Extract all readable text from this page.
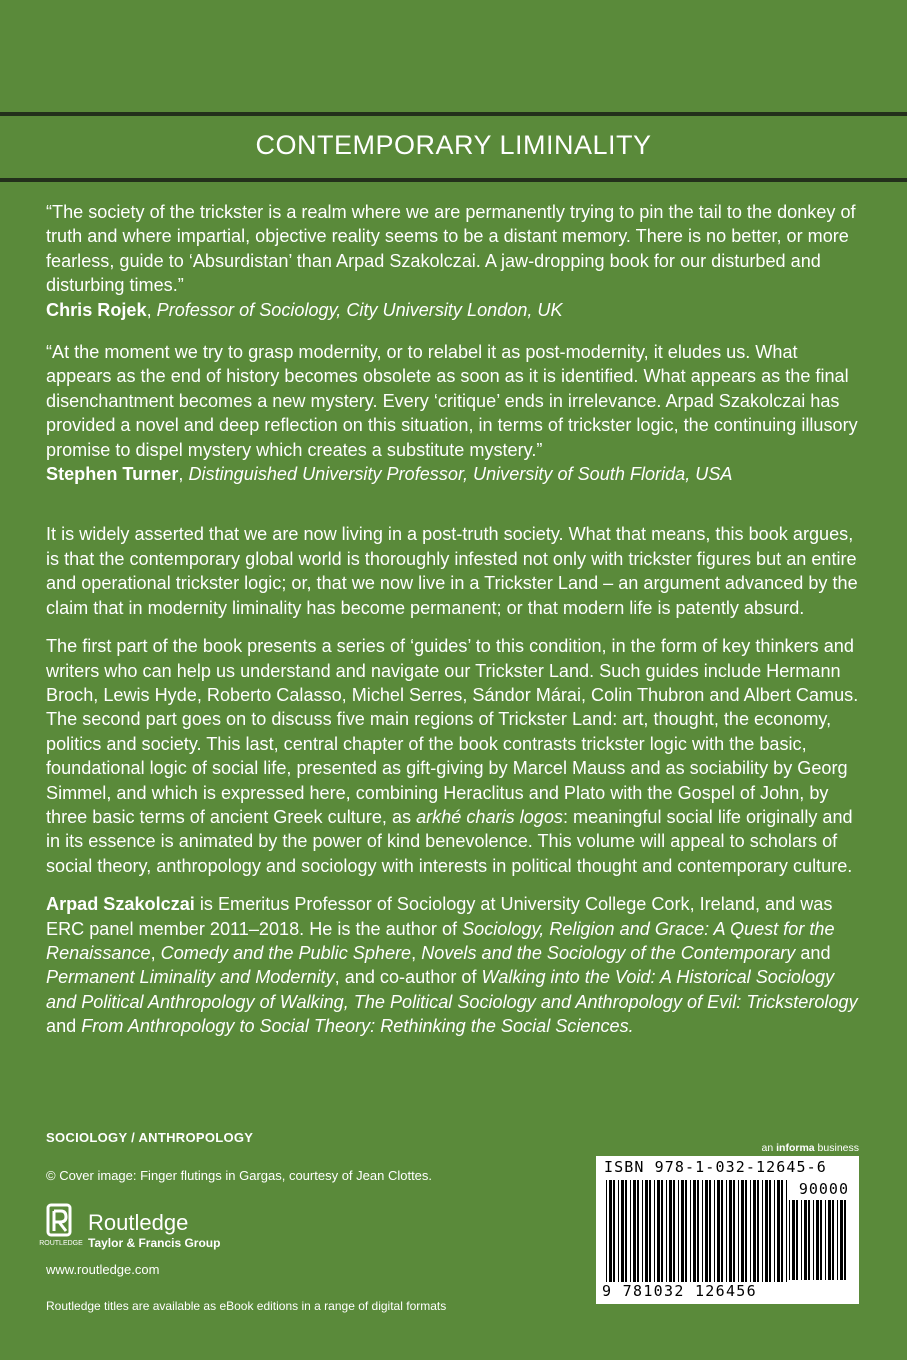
CONTEMPORARY LIMINALITY

“The society of the trickster is a realm where we are permanently trying to pin the tail to the donkey of truth and where impartial, objective reality seems to be a distant memory. There is no better, or more fearless, guide to ‘Absurdistan’ than Arpad Szakolczai. A jaw-dropping book for our disturbed and disturbing times.”
Chris Rojek, Professor of Sociology, City University London, UK

“At the moment we try to grasp modernity, or to relabel it as post-modernity, it eludes us. What appears as the end of history becomes obsolete as soon as it is identified. What appears as the final disenchantment becomes a new mystery. Every ‘critique’ ends in irrelevance. Arpad Szakolczai has provided a novel and deep reflection on this situation, in terms of trickster logic, the continuing illusory promise to dispel mystery which creates a substitute mystery.”
Stephen Turner, Distinguished University Professor, University of South Florida, USA

It is widely asserted that we are now living in a post-truth society. What that means, this book argues, is that the contemporary global world is thoroughly infested not only with trickster figures but an entire and operational trickster logic; or, that we now live in a Trickster Land – an argument advanced by the claim that in modernity liminality has become permanent; or that modern life is patently absurd.

The first part of the book presents a series of ‘guides’ to this condition, in the form of key thinkers and writers who can help us understand and navigate our Trickster Land. Such guides include Hermann Broch, Lewis Hyde, Roberto Calasso, Michel Serres, Sándor Márai, Colin Thubron and Albert Camus. The second part goes on to discuss five main regions of Trickster Land: art, thought, the economy, politics and society. This last, central chapter of the book contrasts trickster logic with the basic, foundational logic of social life, presented as gift-giving by Marcel Mauss and as sociability by Georg Simmel, and which is expressed here, combining Heraclitus and Plato with the Gospel of John, by three basic terms of ancient Greek culture, as arkhé charis logos: meaningful social life originally and in its essence is animated by the power of kind benevolence. This volume will appeal to scholars of social theory, anthropology and sociology with interests in political thought and contemporary culture.

Arpad Szakolczai is Emeritus Professor of Sociology at University College Cork, Ireland, and was ERC panel member 2011–2018. He is the author of Sociology, Religion and Grace: A Quest for the Renaissance, Comedy and the Public Sphere, Novels and the Sociology of the Contemporary and Permanent Liminality and Modernity, and co-author of Walking into the Void: A Historical Sociology and Political Anthropology of Walking, The Political Sociology and Anthropology of Evil: Tricksterology and From Anthropology to Social Theory: Rethinking the Social Sciences.

SOCIOLOGY / ANTHROPOLOGY
© Cover image: Finger flutings in Gargas, courtesy of Jean Clottes.
ROUTLEDGE
Routledge
Taylor & Francis Group
www.routledge.com
Routledge titles are available as eBook editions in a range of digital formats
an informa business
ISBN 978-1-032-12645-6
90000
9 781032 126456
